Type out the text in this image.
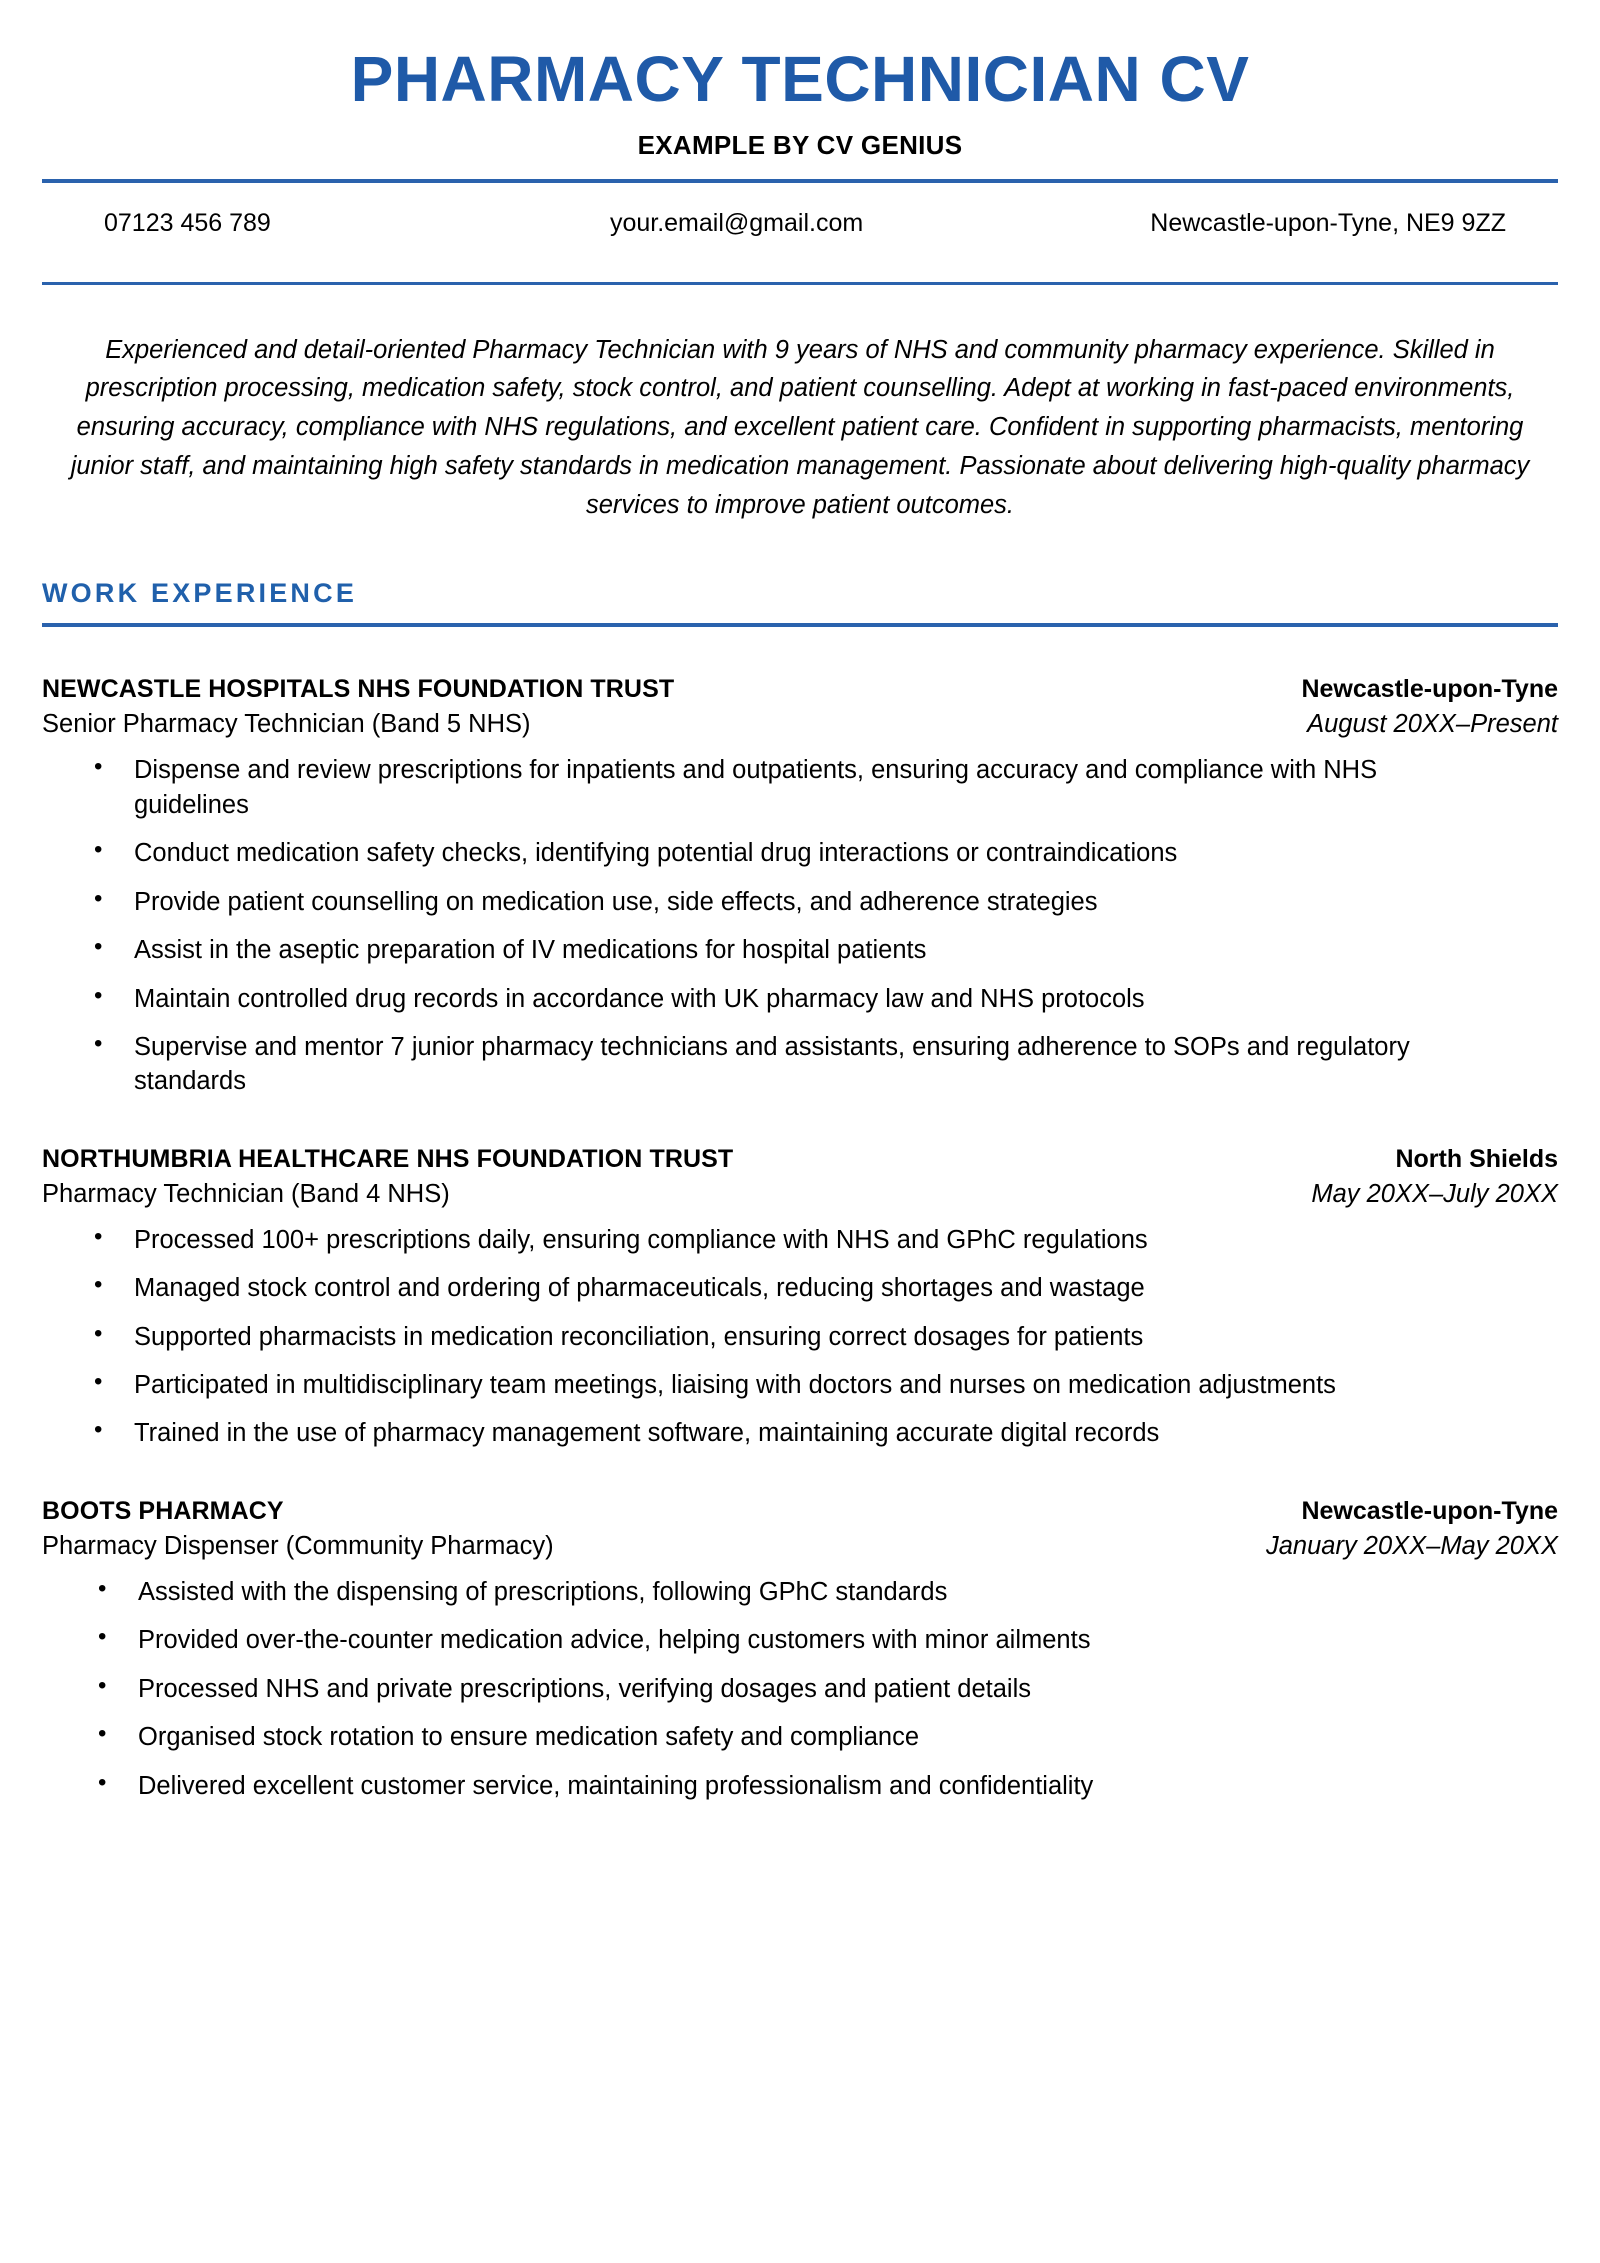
PHARMACY TECHNICIAN CV
EXAMPLE BY CV GENIUS
07123 456 789	your.email@gmail.com	Newcastle-upon-Tyne, NE9 9ZZ

Experienced and detail-oriented Pharmacy Technician with 9 years of NHS and community pharmacy experience. Skilled in prescription processing, medication safety, stock control, and patient counselling. Adept at working in fast-paced environments, ensuring accuracy, compliance with NHS regulations, and excellent patient care. Confident in supporting pharmacists, mentoring junior staff, and maintaining high safety standards in medication management. Passionate about delivering high-quality pharmacy services to improve patient outcomes.

WORK EXPERIENCE
NEWCASTLE HOSPITALS NHS FOUNDATION TRUST	Newcastle-upon-Tyne
Senior Pharmacy Technician (Band 5 NHS)	August 20XX–Present
• Dispense and review prescriptions for inpatients and outpatients, ensuring accuracy and compliance with NHS guidelines
• Conduct medication safety checks, identifying potential drug interactions or contraindications
• Provide patient counselling on medication use, side effects, and adherence strategies
• Assist in the aseptic preparation of IV medications for hospital patients
• Maintain controlled drug records in accordance with UK pharmacy law and NHS protocols
• Supervise and mentor 7 junior pharmacy technicians and assistants, ensuring adherence to SOPs and regulatory standards
NORTHUMBRIA HEALTHCARE NHS FOUNDATION TRUST	North Shields
Pharmacy Technician (Band 4 NHS)	May 20XX–July 20XX
• Processed 100+ prescriptions daily, ensuring compliance with NHS and GPhC regulations
• Managed stock control and ordering of pharmaceuticals, reducing shortages and wastage
• Supported pharmacists in medication reconciliation, ensuring correct dosages for patients
• Participated in multidisciplinary team meetings, liaising with doctors and nurses on medication adjustments
• Trained in the use of pharmacy management software, maintaining accurate digital records
BOOTS PHARMACY	Newcastle-upon-Tyne
Pharmacy Dispenser (Community Pharmacy)	January 20XX–May 20XX
• Assisted with the dispensing of prescriptions, following GPhC standards
• Provided over-the-counter medication advice, helping customers with minor ailments
• Processed NHS and private prescriptions, verifying dosages and patient details
• Organised stock rotation to ensure medication safety and compliance
• Delivered excellent customer service, maintaining professionalism and confidentiality
